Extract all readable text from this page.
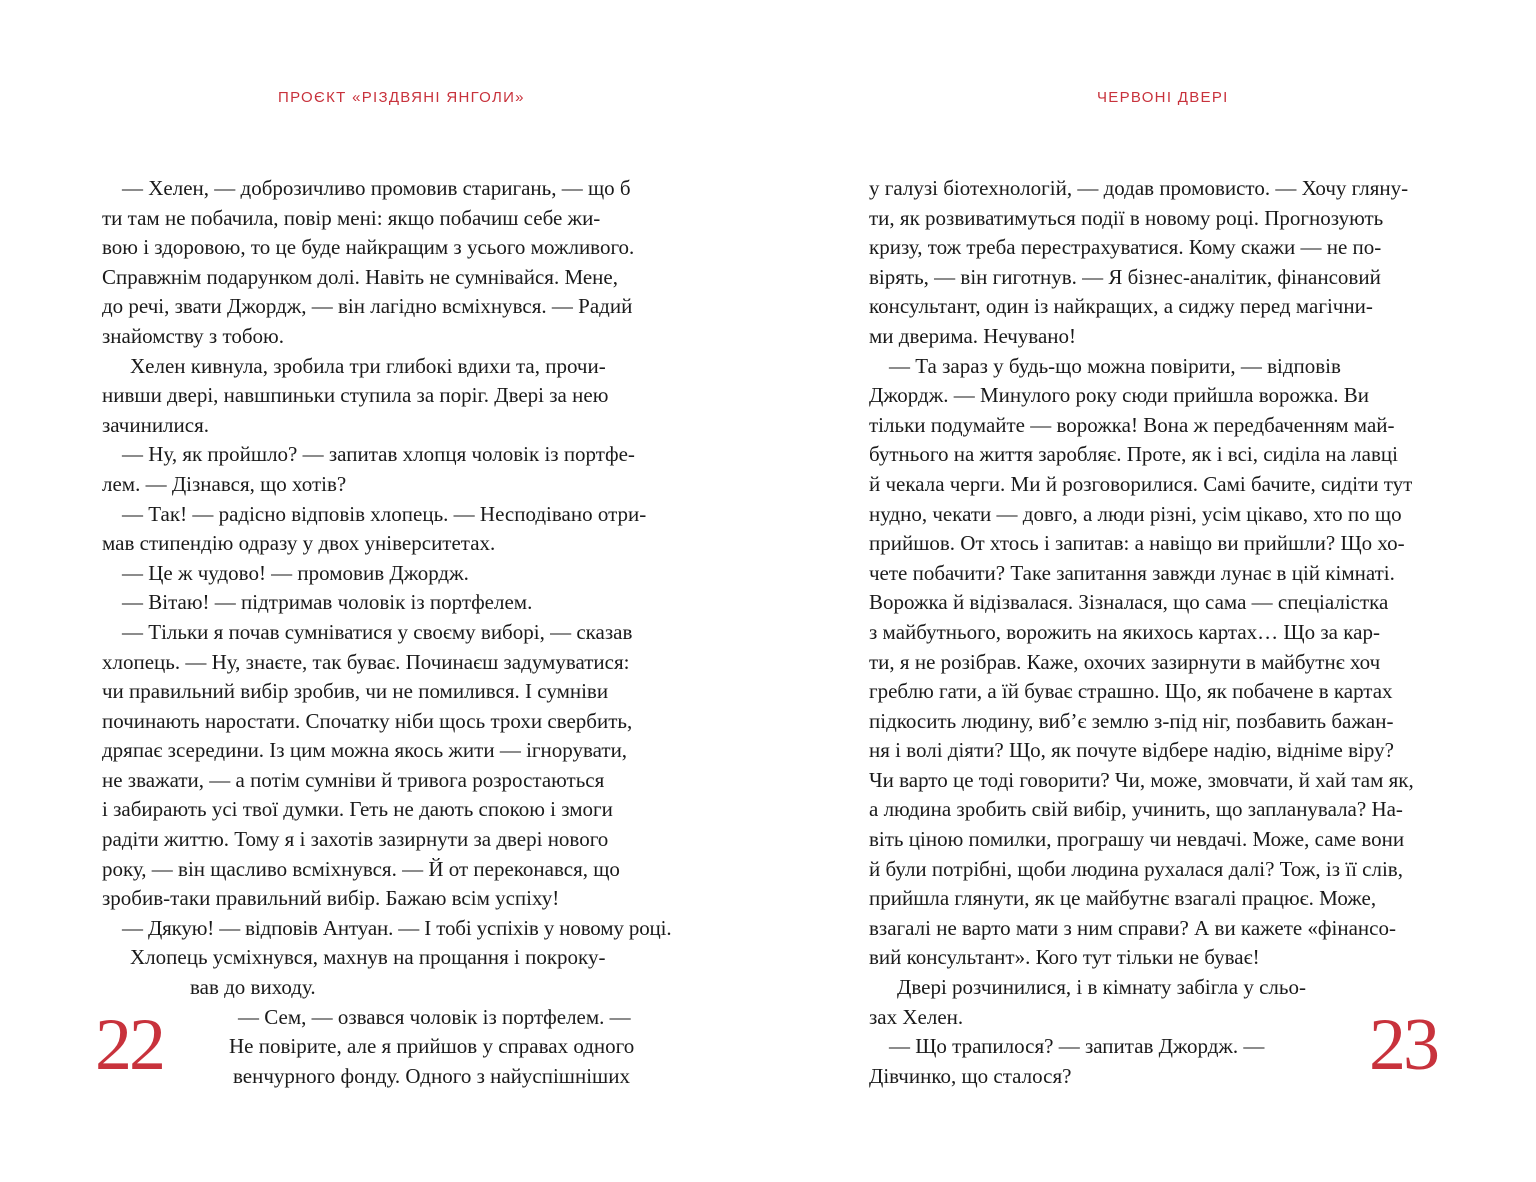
ПРОЄКТ «РІЗДВЯНІ ЯНГОЛИ»
— Хелен, — доброзичливо промовив старигань, — що б
ти там не побачила, повір мені: якщо побачиш себе жи-
вою і здоровою, то це буде найкращим з усього можливого.
Справжнім подарунком долі. Навіть не сумнівайся. Мене,
до речі, звати Джордж, — він лагідно всміхнувся. — Радий
знайомству з тобою.
Хелен кивнула, зробила три глибокі вдихи та, прочи-
нивши двері, навшпиньки ступила за поріг. Двері за нею
зачинилися.
— Ну, як пройшло? — запитав хлопця чоловік із портфе-
лем. — Дізнався, що хотів?
— Так! — радісно відповів хлопець. — Несподівано отри-
мав стипендію одразу у двох університетах.
— Це ж чудово! — промовив Джордж.
— Вітаю! — підтримав чоловік із портфелем.
— Тільки я почав сумніватися у своєму виборі, — сказав
хлопець. — Ну, знаєте, так буває. Починаєш задумуватися:
чи правильний вибір зробив, чи не помилився. І сумніви
починають наростати. Спочатку ніби щось трохи свербить,
дряпає зсередини. Із цим можна якось жити — ігнорувати,
не зважати, — а потім сумніви й тривога розростаються
і забирають усі твої думки. Геть не дають спокою і змоги
радіти життю. Тому я і захотів зазирнути за двері нового
року, — він щасливо всміхнувся. — Й от переконався, що
зробив-таки правильний вибір. Бажаю всім успіху!
— Дякую! — відповів Антуан. — І тобі успіхів у новому році.
Хлопець усміхнувся, махнув на прощання і покроку-
вав до виходу.
— Сем, — озвався чоловік із портфелем. —
Не повірите, але я прийшов у справах одного
венчурного фонду. Одного з найуспішніших
22
ЧЕРВОНІ ДВЕРІ
у галузі біотехнологій, — додав промовисто. — Хочу глянy-
ти, як розвиватимуться події в новому році. Прогнозують
кризу, тож треба перестрахуватися. Кому скажи — не по-
вірять, — він гиготнув. — Я бізнес-аналітик, фінансовий
консультант, один із найкращих, а сиджу перед магічни-
ми дверима. Нечувано!
— Та зараз у будь-що можна повірити, — відповів
Джордж. — Минулого року сюди прийшла ворожка. Ви
тільки подумайте — ворожка! Вона ж передбаченням май-
бутнього на життя заробляє. Проте, як і всі, сиділа на лавці
й чекала черги. Ми й розговорилися. Самі бачите, сидіти тут
нудно, чекати — довго, а люди різні, усім цікаво, хто по що
прийшов. От хтось і запитав: а навіщо ви прийшли? Що хо-
чете побачити? Таке запитання завжди лунає в цій кімнаті.
Ворожка й відізвалася. Зізналася, що сама — спеціалістка
з майбутнього, ворожить на якихось картах… Що за кар-
ти, я не розібрав. Каже, охочих зазирнути в майбутнє хоч
греблю гати, а їй буває страшно. Що, як побачене в картах
підкосить людину, виб’є землю з-під ніг, позбавить бажан-
ня і волі діяти? Що, як почуте відбере надію, відніме віру?
Чи варто це тоді говорити? Чи, може, змовчати, й хай там як,
а людина зробить свій вибір, учинить, що запланувала? На-
віть ціною помилки, програшу чи невдачі. Може, саме вони
й були потрібні, щоби людина рухалася далі? Тож, із її слів,
прийшла глянути, як це майбутнє взагалі працює. Може,
взагалі не варто мати з ним справи? А ви кажете «фінансо-
вий консультант». Кого тут тільки не буває!
Двері розчинилися, і в кімнату забігла у сльо-
зах Хелен.
— Що трапилося? — запитав Джордж. —
Дівчинко, що сталося?	23
